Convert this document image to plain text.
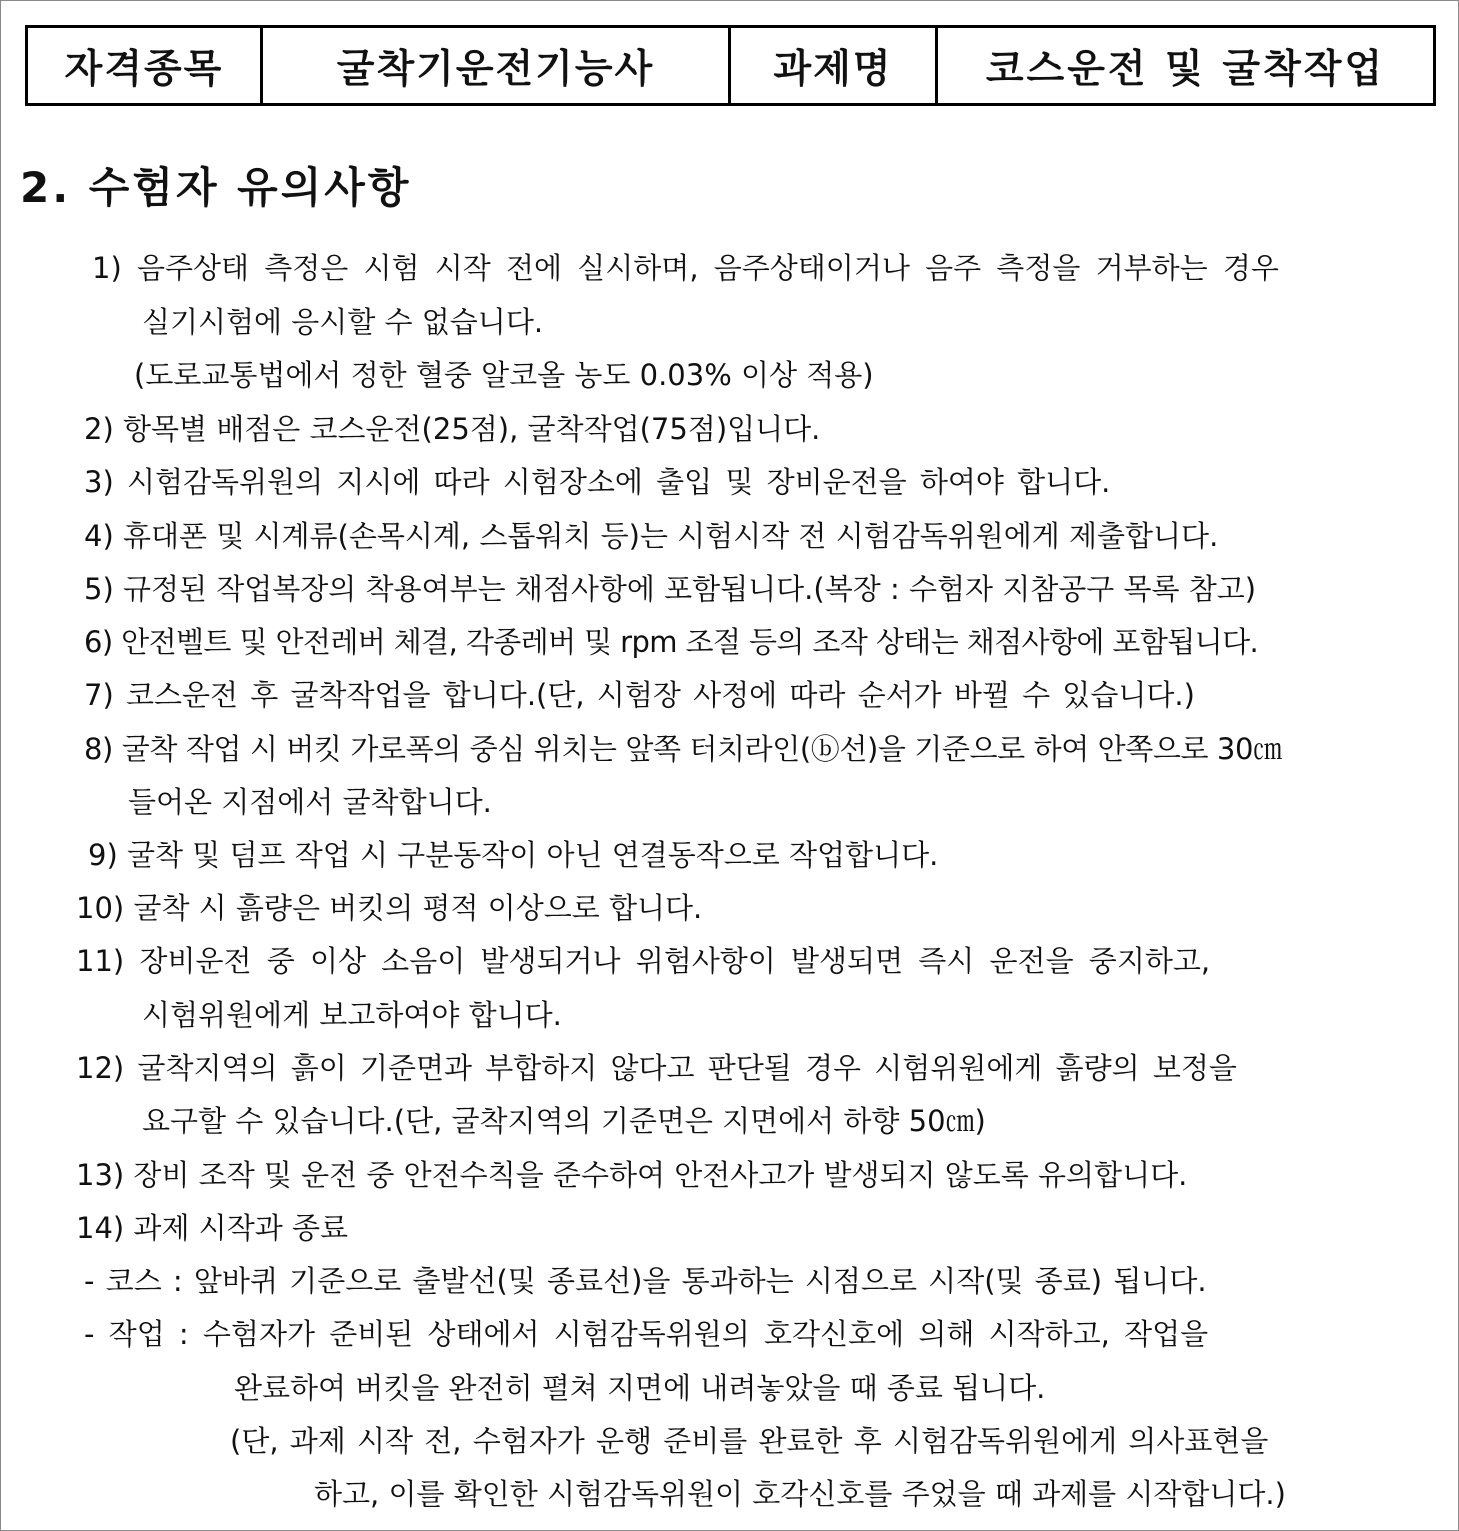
자격종목	굴착기운전기능사	과제명	코스운전 및 굴착작업
2. 수험자 유의사항
1) 음주상태 측정은 시험 시작 전에 실시하며, 음주상태이거나 음주 측정을 거부하는 경우
실기시험에 응시할 수 없습니다.
(도로교통법에서 정한 혈중 알코올 농도 0.03% 이상 적용)
2) 항목별 배점은 코스운전(25점), 굴착작업(75점)입니다.
3) 시험감독위원의 지시에 따라 시험장소에 출입 및 장비운전을 하여야 합니다.
4) 휴대폰 및 시계류(손목시계, 스톱워치 등)는 시험시작 전 시험감독위원에게 제출합니다.
5) 규정된 작업복장의 착용여부는 채점사항에 포함됩니다.(복장 : 수험자 지참공구 목록 참고)
6) 안전벨트 및 안전레버 체결, 각종레버 및 rpm 조절 등의 조작 상태는 채점사항에 포함됩니다.
7) 코스운전 후 굴착작업을 합니다.(단, 시험장 사정에 따라 순서가 바뀔 수 있습니다.)
8) 굴착 작업 시 버킷 가로폭의 중심 위치는 앞쪽 터치라인(ⓑ선)을 기준으로 하여 안쪽으로 30㎝
들어온 지점에서 굴착합니다.
9) 굴착 및 덤프 작업 시 구분동작이 아닌 연결동작으로 작업합니다.
10) 굴착 시 흙량은 버킷의 평적 이상으로 합니다.
11) 장비운전 중 이상 소음이 발생되거나 위험사항이 발생되면 즉시 운전을 중지하고,
시험위원에게 보고하여야 합니다.
12) 굴착지역의 흙이 기준면과 부합하지 않다고 판단될 경우 시험위원에게 흙량의 보정을
요구할 수 있습니다.(단, 굴착지역의 기준면은 지면에서 하향 50㎝)
13) 장비 조작 및 운전 중 안전수칙을 준수하여 안전사고가 발생되지 않도록 유의합니다.
14) 과제 시작과 종료
- 코스 : 앞바퀴 기준으로 출발선(및 종료선)을 통과하는 시점으로 시작(및 종료) 됩니다.
- 작업 : 수험자가 준비된 상태에서 시험감독위원의 호각신호에 의해 시작하고, 작업을
완료하여 버킷을 완전히 펼쳐 지면에 내려놓았을 때 종료 됩니다.
(단, 과제 시작 전, 수험자가 운행 준비를 완료한 후 시험감독위원에게 의사표현을
하고, 이를 확인한 시험감독위원이 호각신호를 주었을 때 과제를 시작합니다.)
